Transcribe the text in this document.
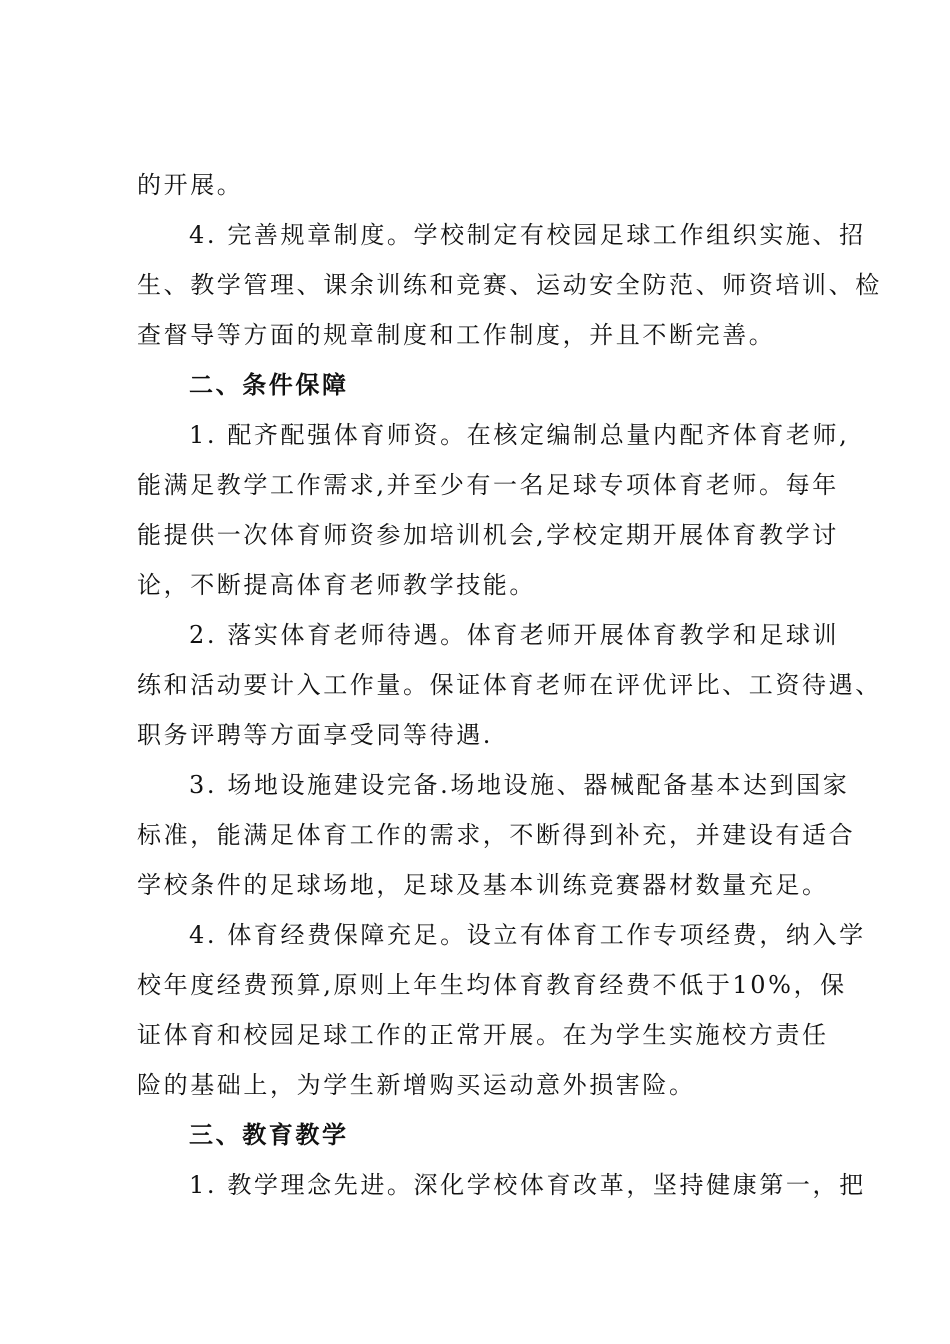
的开展。

4. 完善规章制度。学校制定有校园足球工作组织实施、招
生、教学管理、课余训练和竞赛、运动安全防范、师资培训、检
查督导等方面的规章制度和工作制度，并且不断完善。

二、条件保障

1. 配齐配强体育师资。在核定编制总量内配齐体育老师,
能满足教学工作需求,并至少有一名足球专项体育老师。每年
能提供一次体育师资参加培训机会,学校定期开展体育教学讨
论，不断提高体育老师教学技能。

2. 落实体育老师待遇。体育老师开展体育教学和足球训
练和活动要计入工作量。保证体育老师在评优评比、工资待遇、
职务评聘等方面享受同等待遇.

3. 场地设施建设完备.场地设施、器械配备基本达到国家
标准，能满足体育工作的需求，不断得到补充，并建设有适合
学校条件的足球场地，足球及基本训练竞赛器材数量充足。

4. 体育经费保障充足。设立有体育工作专项经费，纳入学
校年度经费预算,原则上年生均体育教育经费不低于10%，保
证体育和校园足球工作的正常开展。在为学生实施校方责任
险的基础上，为学生新增购买运动意外损害险。

三、教育教学

1. 教学理念先进。深化学校体育改革，坚持健康第一，把
